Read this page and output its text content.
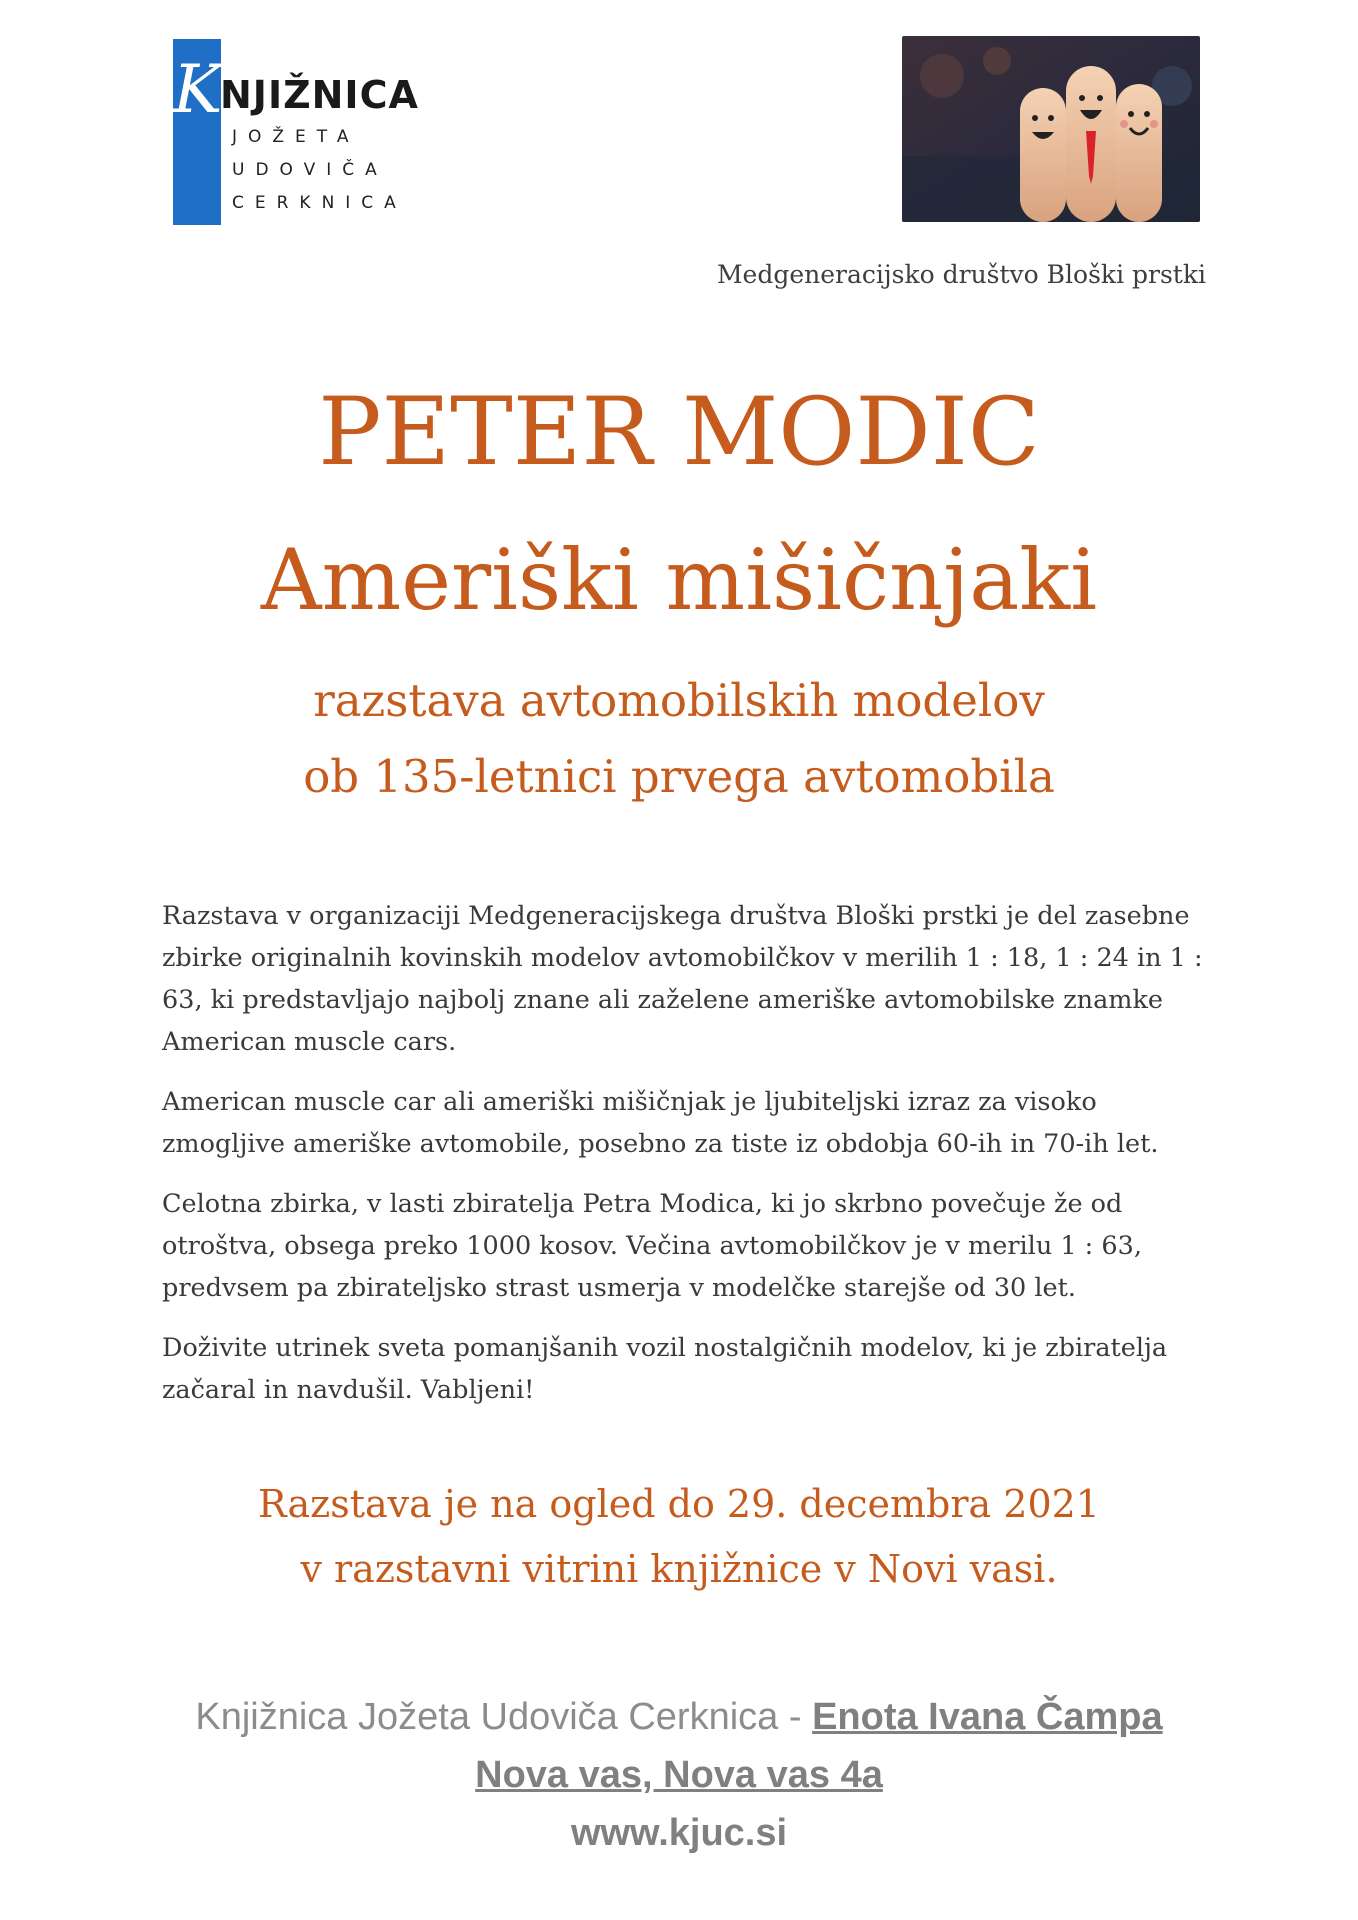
K
NJIŽNICA
JOŽETA
UDOVIČA
CERKNICA
Medgeneracijsko društvo Bloški prstki
PETER MODIC
Ameriški mišičnjaki
razstava avtomobilskih modelov
ob 135-letnici prvega avtomobila

Razstava v organizaciji Medgeneracijskega društva Bloški prstki je del zasebne zbirke originalnih kovinskih modelov avtomobilčkov v merilih 1 : 18, 1 : 24 in 1 : 63, ki predstavljajo najbolj znane ali zaželene ameriške avtomobilske znamke American muscle cars.

American muscle car ali ameriški mišičnjak je ljubiteljski izraz za visoko zmogljive ameriške avtomobile, posebno za tiste iz obdobja 60-ih in 70-ih let.

Celotna zbirka, v lasti zbiratelja Petra Modica, ki jo skrbno povečuje že od otroštva, obsega preko 1000 kosov. Večina avtomobilčkov je v merilu 1 : 63, predvsem pa zbirateljsko strast usmerja v modelčke starejše od 30 let.

Doživite utrinek sveta pomanjšanih vozil nostalgičnih modelov, ki je zbiratelja začaral in navdušil. Vabljeni!

Razstava je na ogled do 29. decembra 2021
v razstavni vitrini knjižnice v Novi vasi.
Knjižnica Jožeta Udoviča Cerknica - Enota Ivana Čampa
Nova vas, Nova vas 4a
www.kjuc.si
